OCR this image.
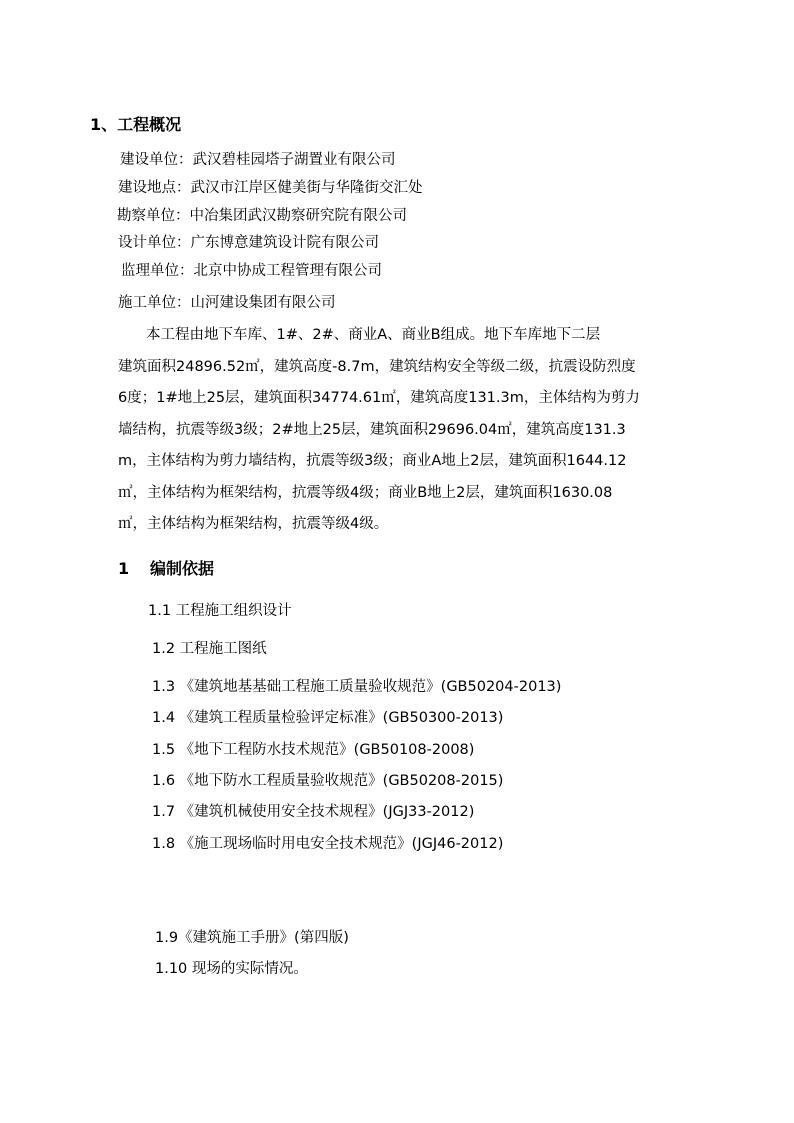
1、工程概况
建设单位：武汉碧桂园塔子湖置业有限公司
建设地点：武汉市江岸区健美街与华隆街交汇处
勘察单位：中冶集团武汉勘察研究院有限公司
设计单位：广东博意建筑设计院有限公司
监理单位：北京中协成工程管理有限公司
施工单位：山河建设集团有限公司
本工程由地下车库、1#、2#、商业A、商业B组成。地下车库地下二层
建筑面积24896.52㎡，建筑高度-8.7m，建筑结构安全等级二级，抗震设防烈度
6度；1#地上25层，建筑面积34774.61㎡，建筑高度131.3m，主体结构为剪力
墙结构，抗震等级3级；2#地上25层，建筑面积29696.04㎡，建筑高度131.3
m，主体结构为剪力墙结构，抗震等级3级；商业A地上2层，建筑面积1644.12
㎡，主体结构为框架结构，抗震等级4级；商业B地上2层，建筑面积1630.08
㎡，主体结构为框架结构，抗震等级4级。
1 编制依据
1.1 工程施工组织设计
1.2 工程施工图纸
1.3 《建筑地基基础工程施工质量验收规范》(GB50204-2013)
1.4 《建筑工程质量检验评定标准》(GB50300-2013)
1.5 《地下工程防水技术规范》(GB50108-2008)
1.6 《地下防水工程质量验收规范》(GB50208-2015)
1.7 《建筑机械使用安全技术规程》(JGJ33-2012)
1.8 《施工现场临时用电安全技术规范》(JGJ46-2012)
1.9《建筑施工手册》(第四版)
1.10 现场的实际情况。
